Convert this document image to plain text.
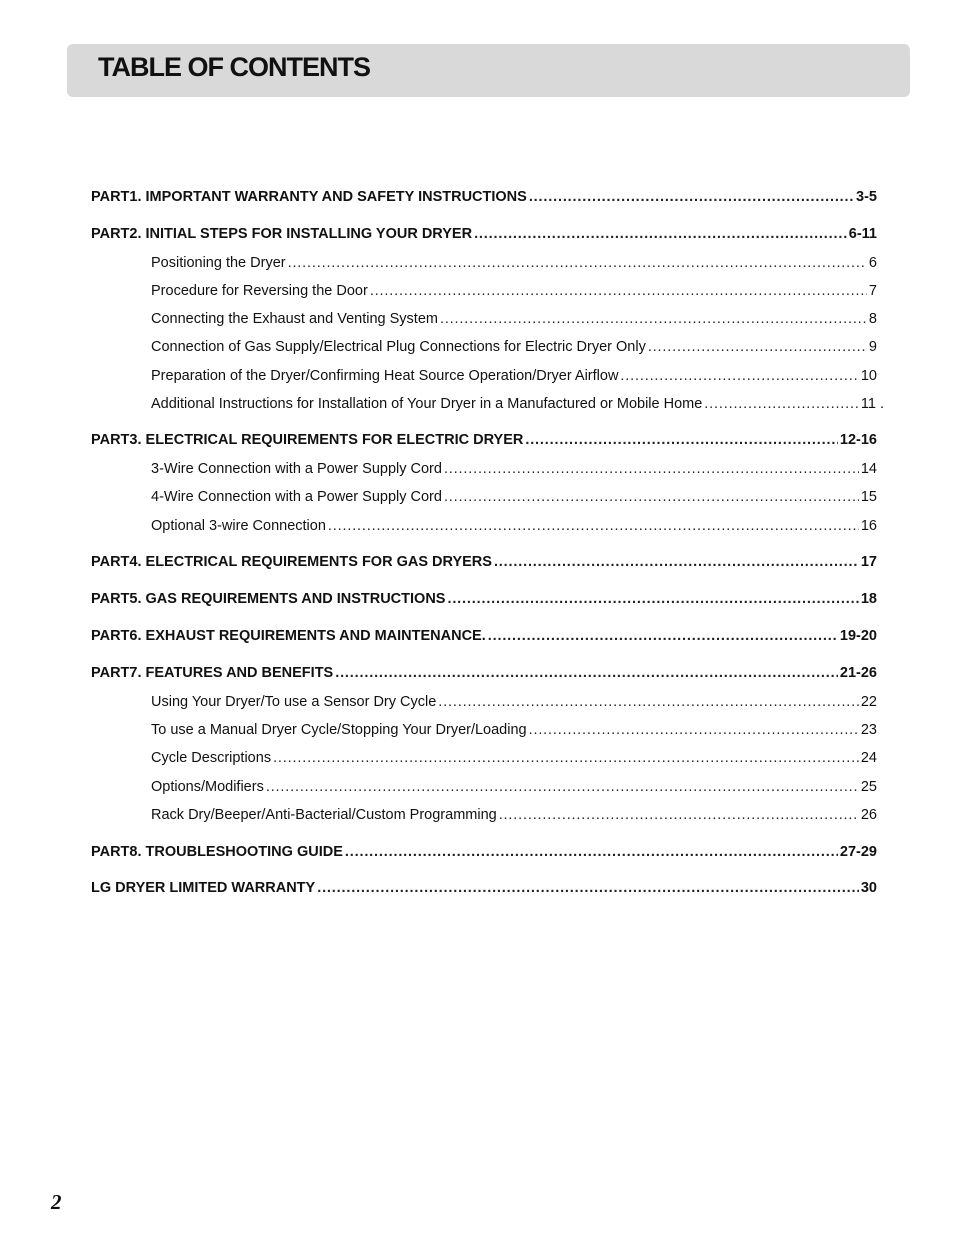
TABLE OF CONTENTS
PART1. IMPORTANT WARRANTY AND SAFETY INSTRUCTIONS . . .	3-5
PART2. INITIAL STEPS FOR INSTALLING YOUR DRYER . . .	6-11
Positioning the Dryer . . .	6
Procedure for Reversing the Door . . .	7
Connecting the Exhaust and Venting System . . .	8
Connection of Gas Supply/Electrical Plug Connections for Electric Dryer Only . . .	9
Preparation of the Dryer/Confirming Heat Source Operation/Dryer Airflow . . .	10
Additional Instructions for Installation of Your Dryer in a Manufactured or Mobile Home . . .	11 .
PART3. ELECTRICAL REQUIREMENTS FOR ELECTRIC DRYER . . .	12-16
3-Wire Connection with a Power Supply Cord . . .	14
4-Wire Connection with a Power Supply Cord . . .	15
Optional 3-wire Connection . . .	16
PART4. ELECTRICAL REQUIREMENTS FOR GAS DRYERS . . .	17
PART5. GAS REQUIREMENTS AND INSTRUCTIONS . . .	18
PART6. EXHAUST REQUIREMENTS AND MAINTENANCE. . . .	19-20
PART7. FEATURES AND BENEFITS . . .	21-26
Using Your Dryer/To use a Sensor Dry Cycle . . .	22
To use a Manual Dryer Cycle/Stopping Your Dryer/Loading . . .	23
Cycle Descriptions . . .	24
Options/Modifiers . . .	25
Rack Dry/Beeper/Anti-Bacterial/Custom Programming . . .	26
PART8. TROUBLESHOOTING GUIDE . . .	27-29
LG DRYER LIMITED WARRANTY . . .	30
2
